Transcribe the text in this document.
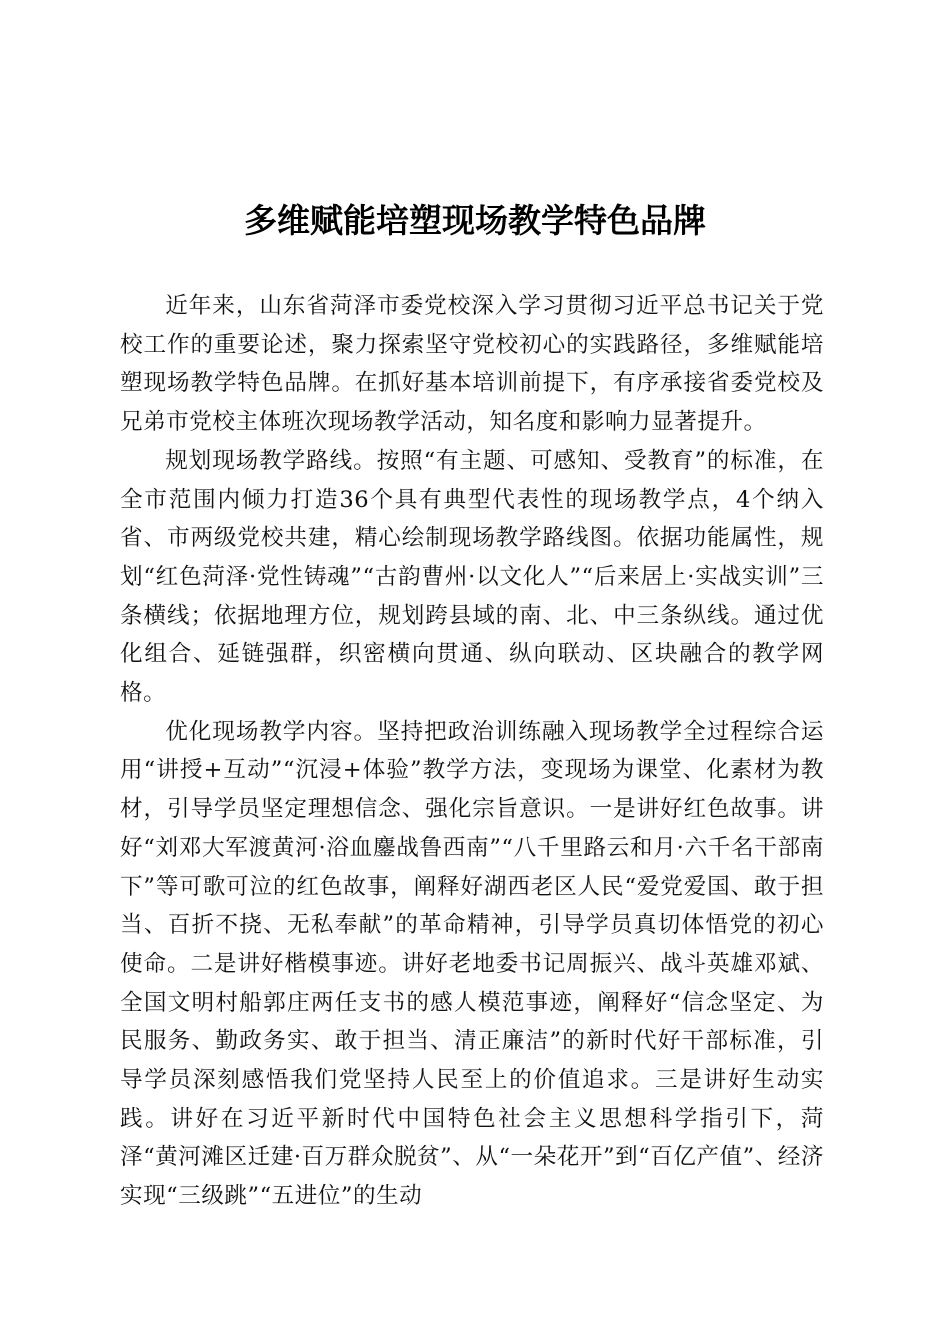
多维赋能培塑现场教学特色品牌

近年来，山东省菏泽市委党校深入学习贯彻习近平总书记关于党校工作的重要论述，聚力探索坚守党校初心的实践路径，多维赋能培塑现场教学特色品牌。在抓好基本培训前提下，有序承接省委党校及兄弟市党校主体班次现场教学活动，知名度和影响力显著提升。

规划现场教学路线。按照“有主题、可感知、受教育”的标准，在全市范围内倾力打造36个具有典型代表性的现场教学点，4个纳入省、市两级党校共建，精心绘制现场教学路线图。依据功能属性，规划“红色菏泽·党性铸魂”“古韵曹州·以文化人”“后来居上·实战实训”三条横线；依据地理方位，规划跨县域的南、北、中三条纵线。通过优化组合、延链强群，织密横向贯通、纵向联动、区块融合的教学网格。

优化现场教学内容。坚持把政治训练融入现场教学全过程综合运用“讲授+互动”“沉浸+体验”教学方法，变现场为课堂、化素材为教材，引导学员坚定理想信念、强化宗旨意识。一是讲好红色故事。讲好“刘邓大军渡黄河·浴血鏖战鲁西南”“八千里路云和月·六千名干部南下”等可歌可泣的红色故事，阐释好湖西老区人民“爱党爱国、敢于担当、百折不挠、无私奉献”的革命精神，引导学员真切体悟党的初心使命。二是讲好楷模事迹。讲好老地委书记周振兴、战斗英雄邓斌、全国文明村船郭庄两任支书的感人模范事迹，阐释好“信念坚定、为民服务、勤政务实、敢于担当、清正廉洁”的新时代好干部标准，引导学员深刻感悟我们党坚持人民至上的价值追求。三是讲好生动实践。讲好在习近平新时代中国特色社会主义思想科学指引下，菏泽“黄河滩区迁建·百万群众脱贫”、从“一朵花开”到“百亿产值”、经济实现“三级跳”“五进位”的生动
